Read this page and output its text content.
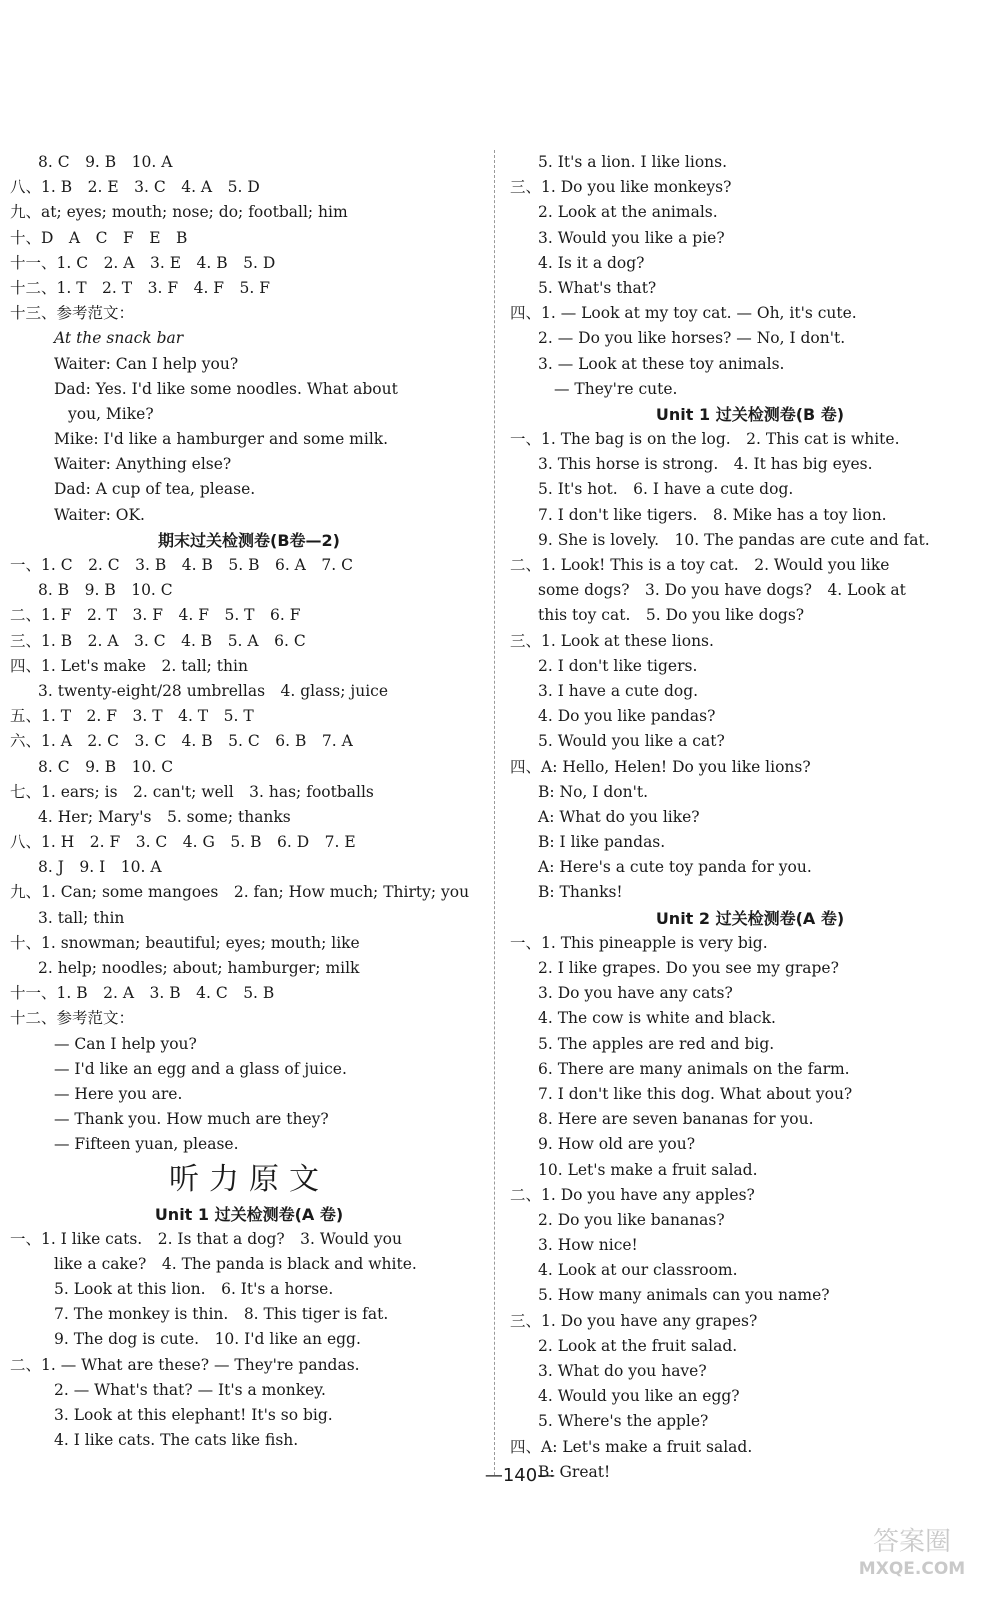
8. C　9. B　10. A
八、1. B　2. E　3. C　4. A　5. D
九、at; eyes; mouth; nose; do; football; him
十、D　A　C　F　E　B
十一、1. C　2. A　3. E　4. B　5. D
十二、1. T　2. T　3. F　4. F　5. F
十三、参考范文：
At the snack bar
Waiter: Can I help you?
Dad: Yes. I'd like some noodles. What about
you, Mike?
Mike: I'd like a hamburger and some milk.
Waiter: Anything else?
Dad: A cup of tea, please.
Waiter: OK.
期末过关检测卷(B卷—2)
一、1. C　2. C　3. B　4. B　5. B　6. A　7. C
8. B　9. B　10. C
二、1. F　2. T　3. F　4. F　5. T　6. F
三、1. B　2. A　3. C　4. B　5. A　6. C
四、1. Let's make　2. tall; thin
3. twenty-eight/28 umbrellas　4. glass; juice
五、1. T　2. F　3. T　4. T　5. T
六、1. A　2. C　3. C　4. B　5. C　6. B　7. A
8. C　9. B　10. C
七、1. ears; is　2. can't; well　3. has; footballs
4. Her; Mary's　5. some; thanks
八、1. H　2. F　3. C　4. G　5. B　6. D　7. E
8. J　9. I　10. A
九、1. Can; some mangoes　2. fan; How much; Thirty; you
3. tall; thin
十、1. snowman; beautiful; eyes; mouth; like
2. help; noodles; about; hamburger; milk
十一、1. B　2. A　3. B　4. C　5. B
十二、参考范文：
— Can I help you?
— I'd like an egg and a glass of juice.
— Here you are.
— Thank you. How much are they?
— Fifteen yuan, please.
听力原文
Unit 1 过关检测卷(A 卷)
一、1. I like cats.　2. Is that a dog?　3. Would you
like a cake?　4. The panda is black and white.
5. Look at this lion.　6. It's a horse.
7. The monkey is thin.　8. This tiger is fat.
9. The dog is cute.　10. I'd like an egg.
二、1. — What are these? — They're pandas.
2. — What's that? — It's a monkey.
3. Look at this elephant! It's so big.
4. I like cats. The cats like fish.
5. It's a lion. I like lions.
三、1. Do you like monkeys?
2. Look at the animals.
3. Would you like a pie?
4. Is it a dog?
5. What's that?
四、1. — Look at my toy cat. — Oh, it's cute.
2. — Do you like horses? — No, I don't.
3. — Look at these toy animals.
— They're cute.
Unit 1 过关检测卷(B 卷)
一、1. The bag is on the log.　2. This cat is white.
3. This horse is strong.　4. It has big eyes.
5. It's hot.　6. I have a cute dog.
7. I don't like tigers.　8. Mike has a toy lion.
9. She is lovely.　10. The pandas are cute and fat.
二、1. Look! This is a toy cat.　2. Would you like
some dogs?　3. Do you have dogs?　4. Look at
this toy cat.　5. Do you like dogs?
三、1. Look at these lions.
2. I don't like tigers.
3. I have a cute dog.
4. Do you like pandas?
5. Would you like a cat?
四、A: Hello, Helen! Do you like lions?
B: No, I don't.
A: What do you like?
B: I like pandas.
A: Here's a cute toy panda for you.
B: Thanks!
Unit 2 过关检测卷(A 卷)
一、1. This pineapple is very big.
2. I like grapes. Do you see my grape?
3. Do you have any cats?
4. The cow is white and black.
5. The apples are red and big.
6. There are many animals on the farm.
7. I don't like this dog. What about you?
8. Here are seven bananas for you.
9. How old are you?
10. Let's make a fruit salad.
二、1. Do you have any apples?
2. Do you like bananas?
3. How nice!
4. Look at our classroom.
5. How many animals can you name?
三、1. Do you have any grapes?
2. Look at the fruit salad.
3. What do you have?
4. Would you like an egg?
5. Where's the apple?
四、A: Let's make a fruit salad.
B: Great!
—140—
答案圈
MXQE.COM
